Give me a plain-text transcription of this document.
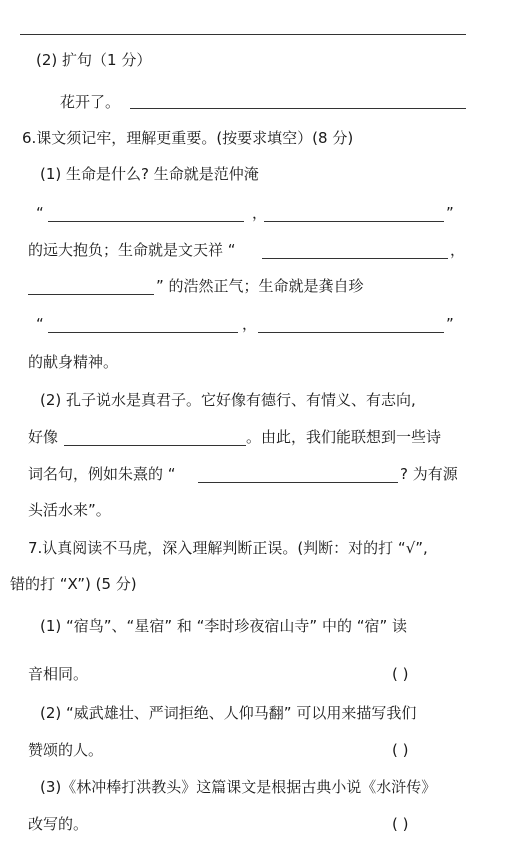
(2) 扩句（1 分）
花开了。
6.课文须记牢，理解更重要。(按要求填空）(8 分)
(1) 生命是什么? 生命就是范仲淹
“	，	”
的远大抱负；生命就是文天祥 “	，
” 的浩然正气；生命就是龚自珍
“	，	”
的献身精神。
(2) 孔子说水是真君子。它好像有德行、有情义、有志向,
好像	。由此，我们能联想到一些诗
词名句，例如朱熹的 “	? 为有源
头活水来”。
7.认真阅读不马虎，深入理解判断正误。(判断：对的打 “√”,
错的打 “X”) (5 分)
(1) “宿鸟”、“星宿” 和 “李时珍夜宿山寺” 中的 “宿” 读
音相同。	( )
(2) “威武雄壮、严词拒绝、人仰马翻” 可以用来描写我们
赞颂的人。	( )
(3)《林冲棒打洪教头》这篇课文是根据古典小说《水浒传》
改写的。	( )
